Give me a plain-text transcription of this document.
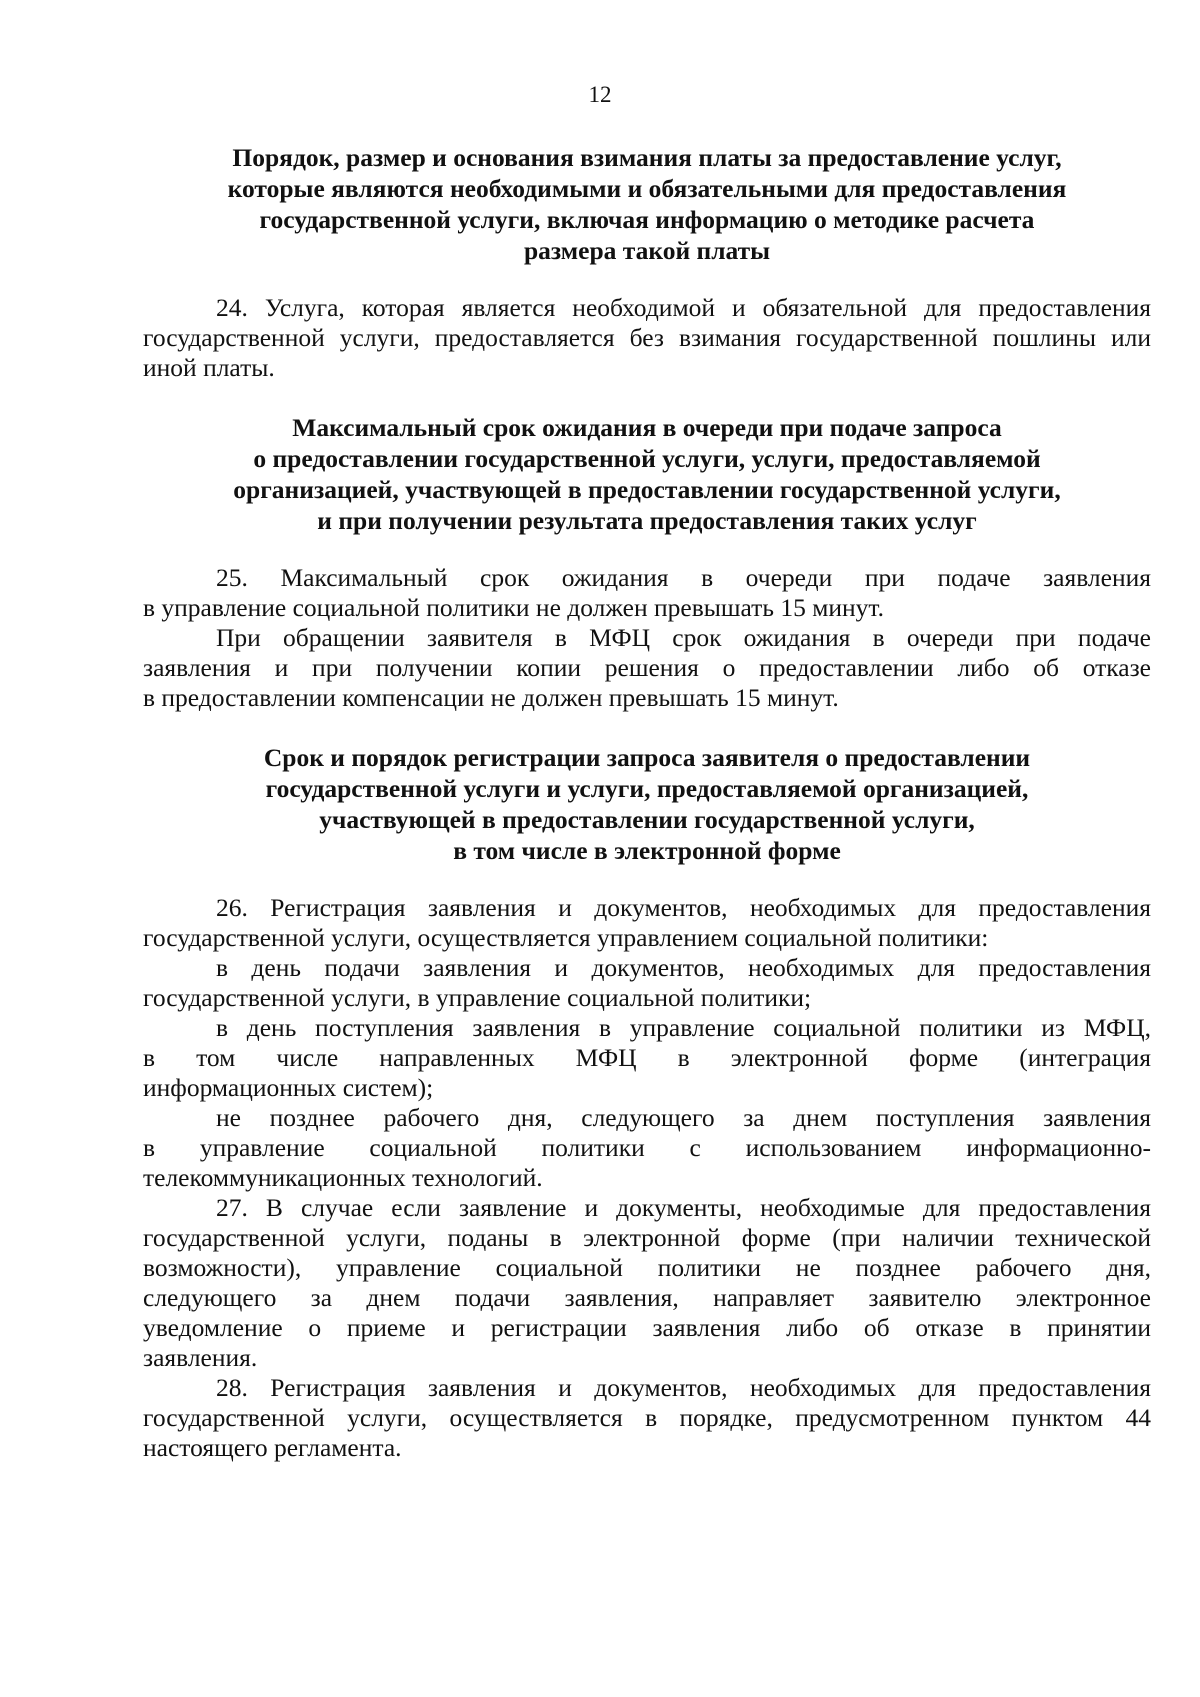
12
Порядок, размер и основания взимания платы за предоставление услуг,
которые являются необходимыми и обязательными для предоставления
государственной услуги, включая информацию о методике расчета
размера такой платы
24. Услуга, которая является необходимой и обязательной для предоставления
государственной услуги, предоставляется без взимания государственной пошлины или
иной платы.
Максимальный срок ожидания в очереди при подаче запроса
о предоставлении государственной услуги, услуги, предоставляемой
организацией, участвующей в предоставлении государственной услуги,
и при получении результата предоставления таких услуг
25. Максимальный срок ожидания в очереди при подаче заявления
в управление социальной политики не должен превышать 15 минут.
При обращении заявителя в МФЦ срок ожидания в очереди при подаче
заявления и при получении копии решения о предоставлении либо об отказе
в предоставлении компенсации не должен превышать 15 минут.
Срок и порядок регистрации запроса заявителя о предоставлении
государственной услуги и услуги, предоставляемой организацией,
участвующей в предоставлении государственной услуги,
в том числе в электронной форме
26. Регистрация заявления и документов, необходимых для предоставления
государственной услуги, осуществляется управлением социальной политики:
в день подачи заявления и документов, необходимых для предоставления
государственной услуги, в управление социальной политики;
в день поступления заявления в управление социальной политики из МФЦ,
в том числе направленных МФЦ в электронной форме (интеграция
информационных систем);
не позднее рабочего дня, следующего за днем поступления заявления
в управление социальной политики с использованием информационно-
телекоммуникационных технологий.
27. В случае если заявление и документы, необходимые для предоставления
государственной услуги, поданы в электронной форме (при наличии технической
возможности), управление социальной политики не позднее рабочего дня,
следующего за днем подачи заявления, направляет заявителю электронное
уведомление о приеме и регистрации заявления либо об отказе в принятии
заявления.
28. Регистрация заявления и документов, необходимых для предоставления
государственной услуги, осуществляется в порядке, предусмотренном пунктом 44
настоящего регламента.
